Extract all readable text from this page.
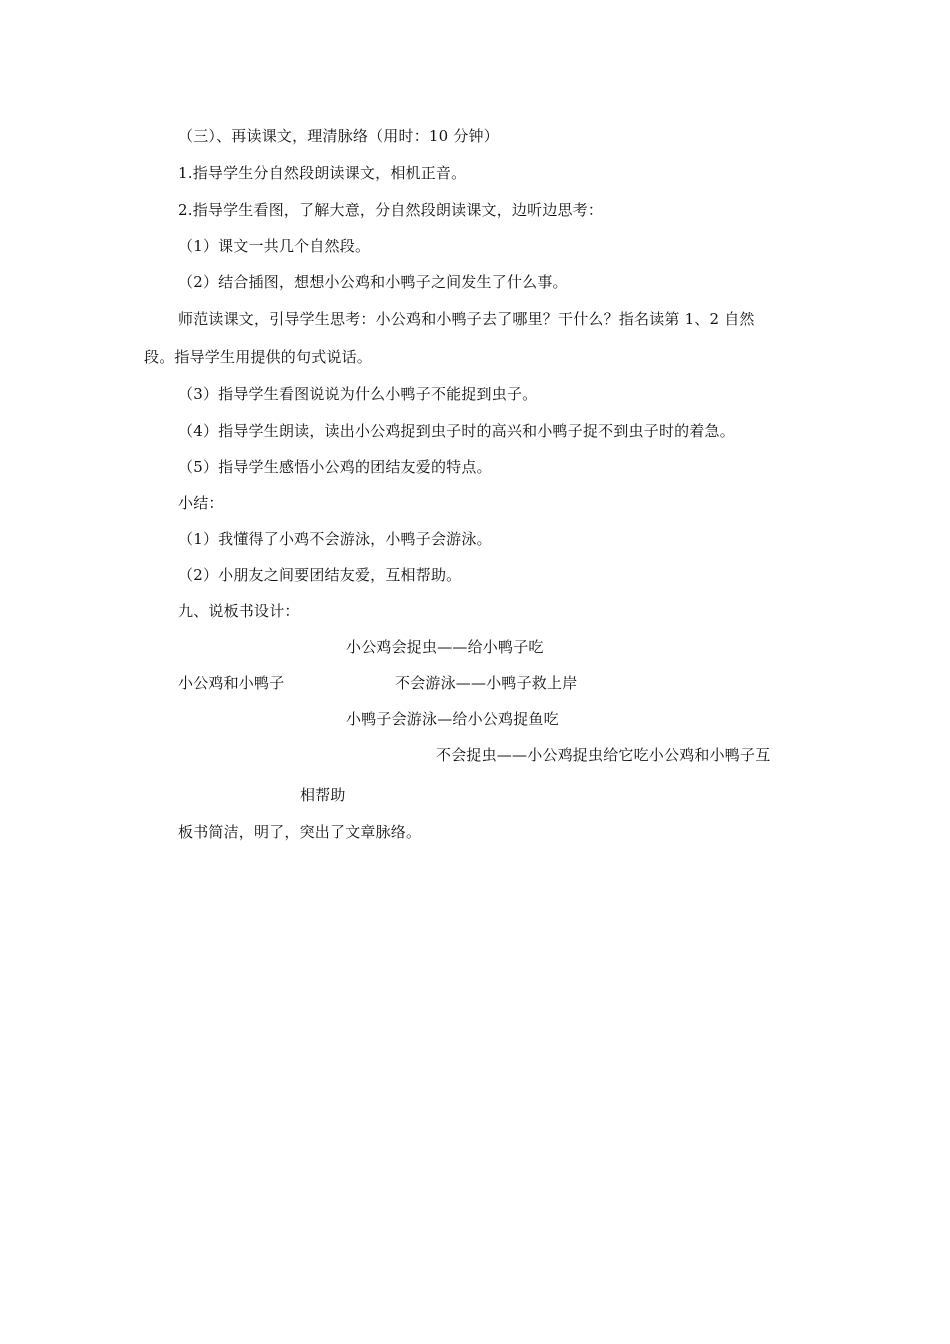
（三）、再读课文，理清脉络（用时：10 分钟）
1.指导学生分自然段朗读课文，相机正音。
2.指导学生看图，了解大意，分自然段朗读课文，边听边思考：
（1）课文一共几个自然段。
（2）结合插图，想想小公鸡和小鸭子之间发生了什么事。
师范读课文，引导学生思考：小公鸡和小鸭子去了哪里？干什么？指名读第 1、2 自然
段。指导学生用提供的句式说话。
（3）指导学生看图说说为什么小鸭子不能捉到虫子。
（4）指导学生朗读，读出小公鸡捉到虫子时的高兴和小鸭子捉不到虫子时的着急。
（5）指导学生感悟小公鸡的团结友爱的特点。
小结：
（1）我懂得了小鸡不会游泳，小鸭子会游泳。
（2）小朋友之间要团结友爱，互相帮助。
九、说板书设计：
小公鸡会捉虫——给小鸭子吃
小公鸡和小鸭子	不会游泳——小鸭子救上岸
小鸭子会游泳—给小公鸡捉鱼吃
不会捉虫——小公鸡捉虫给它吃小公鸡和小鸭子互
相帮助
板书简洁，明了，突出了文章脉络。
